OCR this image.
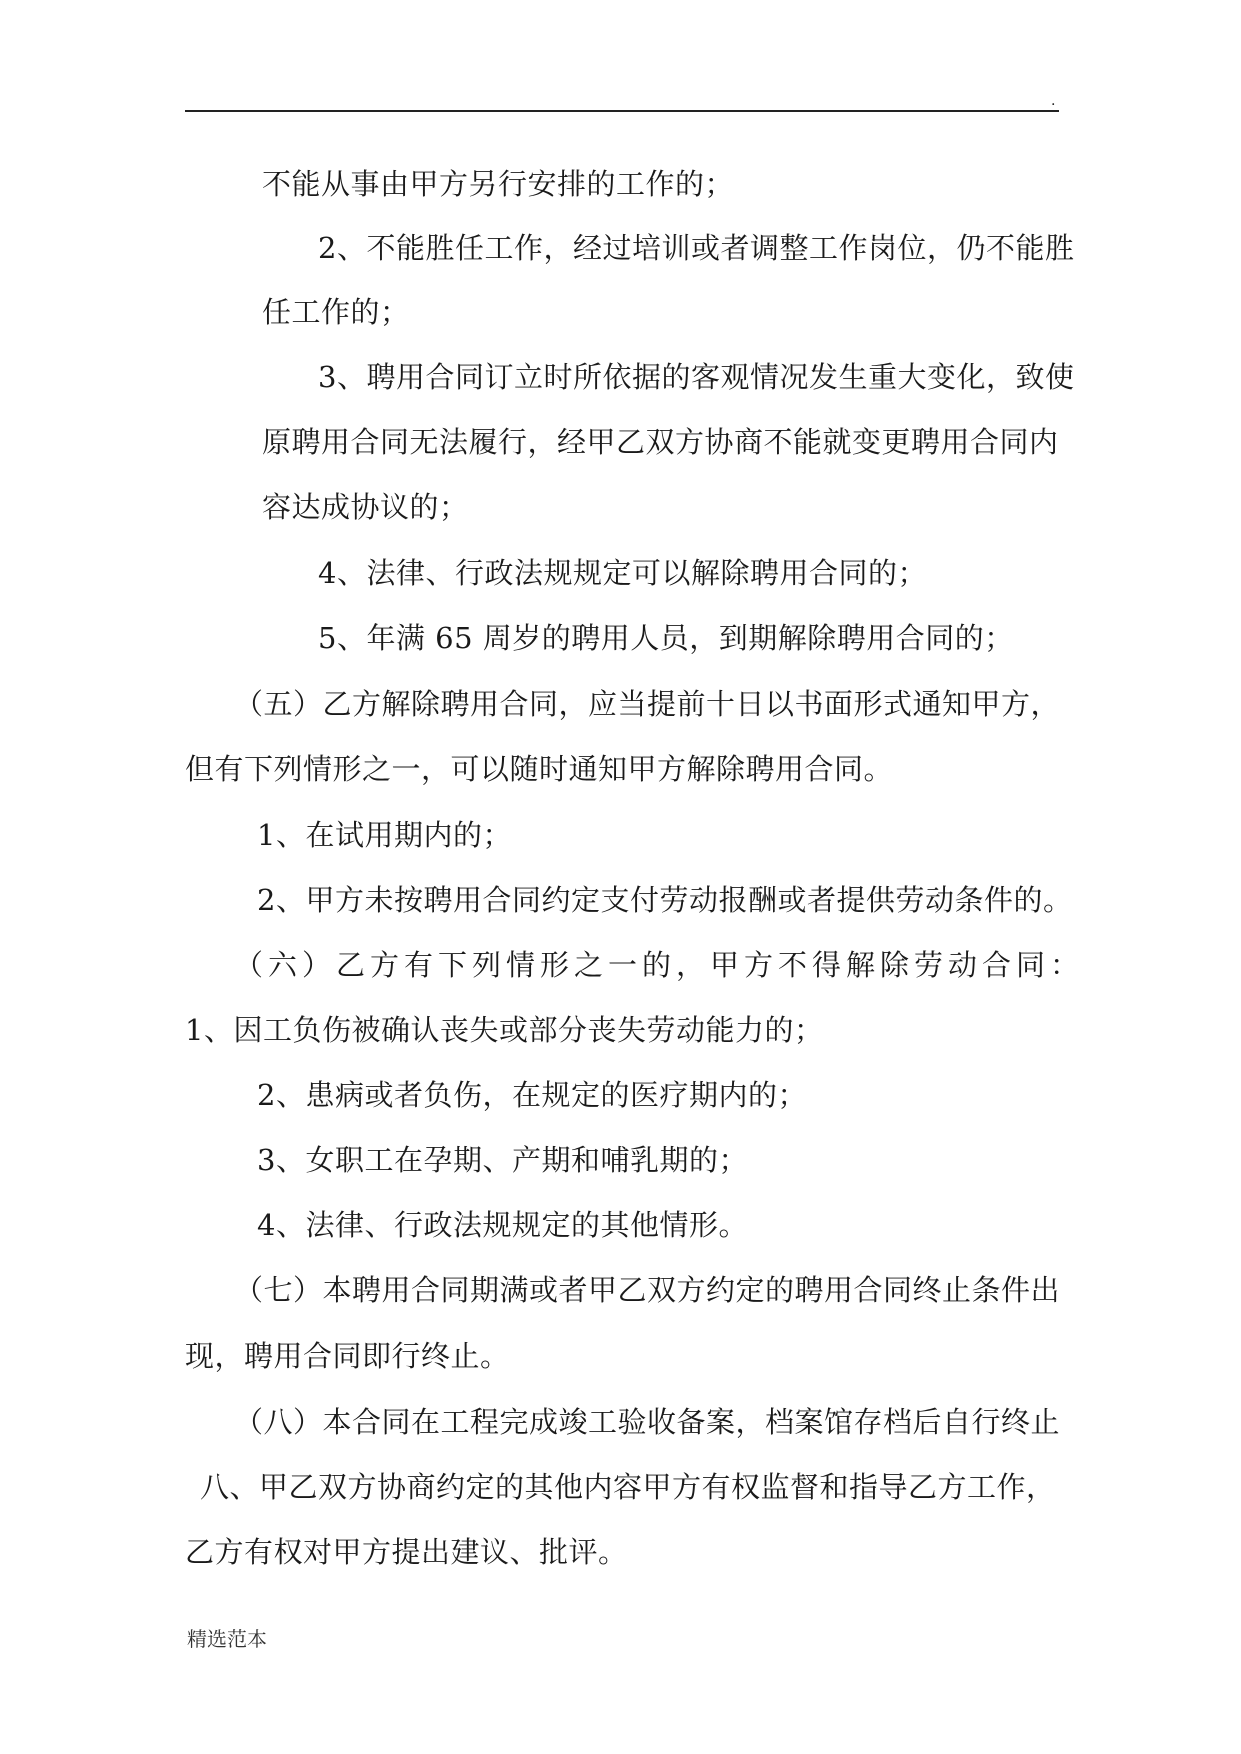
.
不能从事由甲方另行安排的工作的；
2、不能胜任工作，经过培训或者调整工作岗位，仍不能胜
任工作的；
3、聘用合同订立时所依据的客观情况发生重大变化，致使
原聘用合同无法履行，经甲乙双方协商不能就变更聘用合同内
容达成协议的；
4、法律、行政法规规定可以解除聘用合同的；
5、年满 65 周岁的聘用人员，到期解除聘用合同的；
（五）乙方解除聘用合同，应当提前十日以书面形式通知甲方，
但有下列情形之一，可以随时通知甲方解除聘用合同。
1、在试用期内的；
2、甲方未按聘用合同约定支付劳动报酬或者提供劳动条件的。
（六）乙方有下列情形之一的，甲方不得解除劳动合同：
1、因工负伤被确认丧失或部分丧失劳动能力的；
2、患病或者负伤，在规定的医疗期内的；
3、女职工在孕期、产期和哺乳期的；
4、法律、行政法规规定的其他情形。
（七）本聘用合同期满或者甲乙双方约定的聘用合同终止条件出
现，聘用合同即行终止。
（八）本合同在工程完成竣工验收备案，档案馆存档后自行终止
八、甲乙双方协商约定的其他内容甲方有权监督和指导乙方工作，
乙方有权对甲方提出建议、批评。
精选范本
